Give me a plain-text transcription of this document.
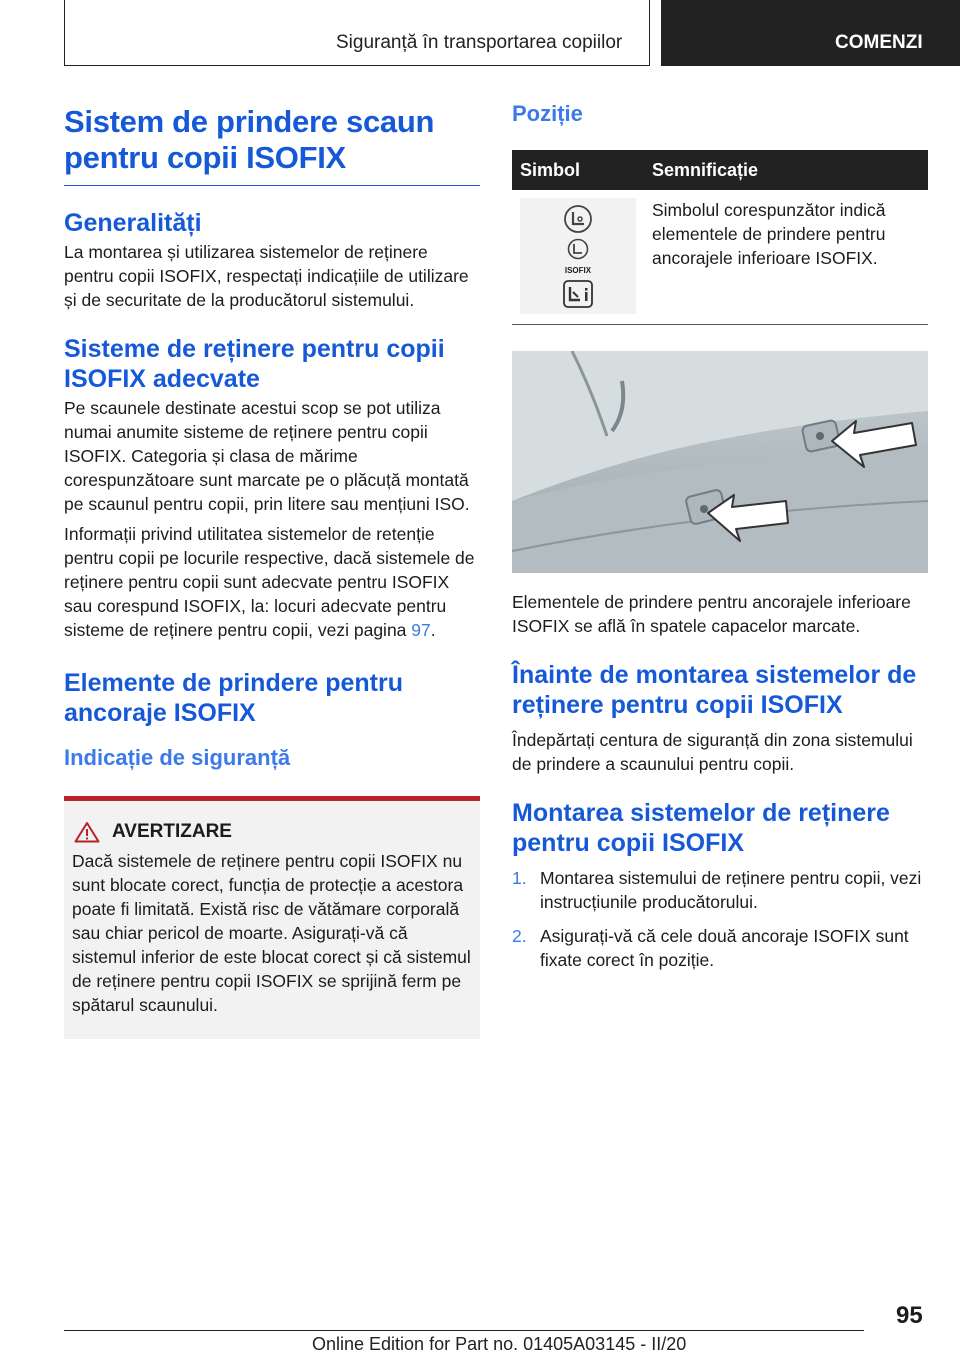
Siguranță în transportarea copiilor	COMENZI
Sistem de prindere scaun pentru copii ISOFIX
Generalități

La montarea și utilizarea sistemelor de reținere pentru copii ISOFIX, respectați indicațiile de utilizare și de securitate de la producătorul sistemului.

Sisteme de reținere pentru copii ISOFIX adecvate

Pe scaunele destinate acestui scop se pot utiliza numai anumite sisteme de reținere pentru copii ISOFIX. Categoria și clasa de mărime corespunzătoare sunt marcate pe o plăcuță montată pe scaunul pentru copii, prin litere sau mențiuni ISO.

Informații privind utilitatea sistemelor de retenție pentru copii pe locurile respective, dacă sistemele de reținere pentru copii sunt adecvate pentru ISOFIX sau corespund ISOFIX, la: locuri adecvate pentru sisteme de reținere pentru copii, vezi pagina 97.

Elemente de prindere pentru ancoraje ISOFIX
Indicație de siguranță
AVERTIZARE

Dacă sistemele de reținere pentru copii ISOFIX nu sunt blocate corect, funcția de protecție a acestora poate fi limitată. Există risc de vătămare corporală sau chiar pericol de moarte. Asigurați-vă că sistemul inferior de este blocat corect și că sistemul de reținere pentru copii ISOFIX se sprijină ferm pe spătarul scaunului.

Poziție
Simbol	Semnificație

ISOFIX	Simbolul corespunzător indică elementele de prindere pentru ancorajele inferioare ISOFIX.

Elementele de prindere pentru ancorajele inferioare ISOFIX se află în spatele capacelor marcate.

Înainte de montarea sistemelor de reținere pentru copii ISOFIX

Îndepărtați centura de siguranță din zona sistemului de prindere a scaunului pentru copii.

Montarea sistemelor de reținere pentru copii ISOFIX
1. Montarea sistemului de reținere pentru copii, vezi instrucțiunile producătorului.
2. Asigurați-vă că cele două ancoraje ISOFIX sunt fixate corect în poziție.
95
Online Edition for Part no. 01405A03145 - II/20
